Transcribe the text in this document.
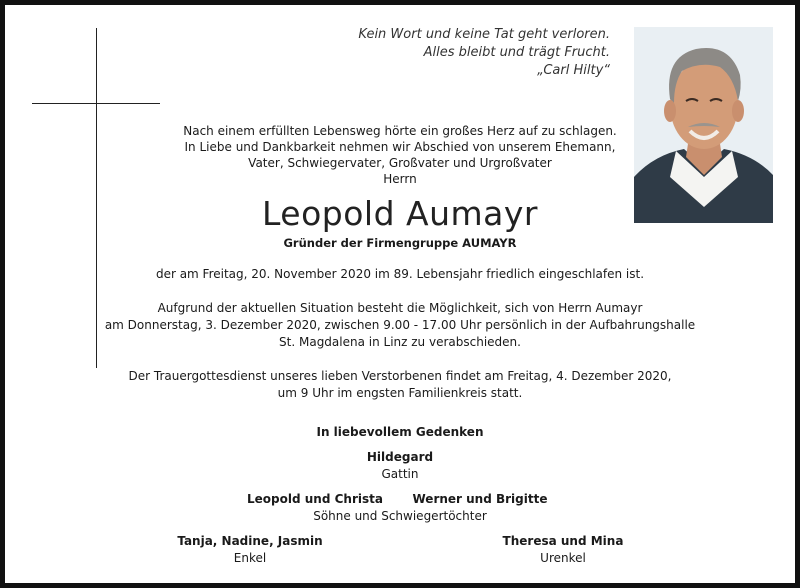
Kein Wort und keine Tat geht verloren.
Alles bleibt und trägt Frucht.
„Carl Hilty“
Nach einem erfüllten Lebensweg hörte ein großes Herz auf zu schlagen.
In Liebe und Dankbarkeit nehmen wir Abschied von unserem Ehemann,
Vater, Schwiegervater, Großvater und Urgroßvater
Herrn
Leopold Aumayr
Gründer der Firmengruppe AUMAYR
der am Freitag, 20. November 2020 im 89. Lebensjahr friedlich eingeschlafen ist.
Aufgrund der aktuellen Situation besteht die Möglichkeit, sich von Herrn Aumayr
am Donnerstag, 3. Dezember 2020, zwischen 9.00 - 17.00 Uhr persönlich in der Aufbahrungshalle
St. Magdalena in Linz zu verabschieden.
Der Trauergottesdienst unseres lieben Verstorbenen findet am Freitag, 4. Dezember 2020,
um 9 Uhr im engsten Familienkreis statt.
In liebevollem Gedenken
Hildegard
Gattin
Leopold und Christa	Werner und Brigitte
Söhne und Schwiegertöchter
Tanja, Nadine, Jasmin
Enkel
Theresa und Mina
Urenkel
